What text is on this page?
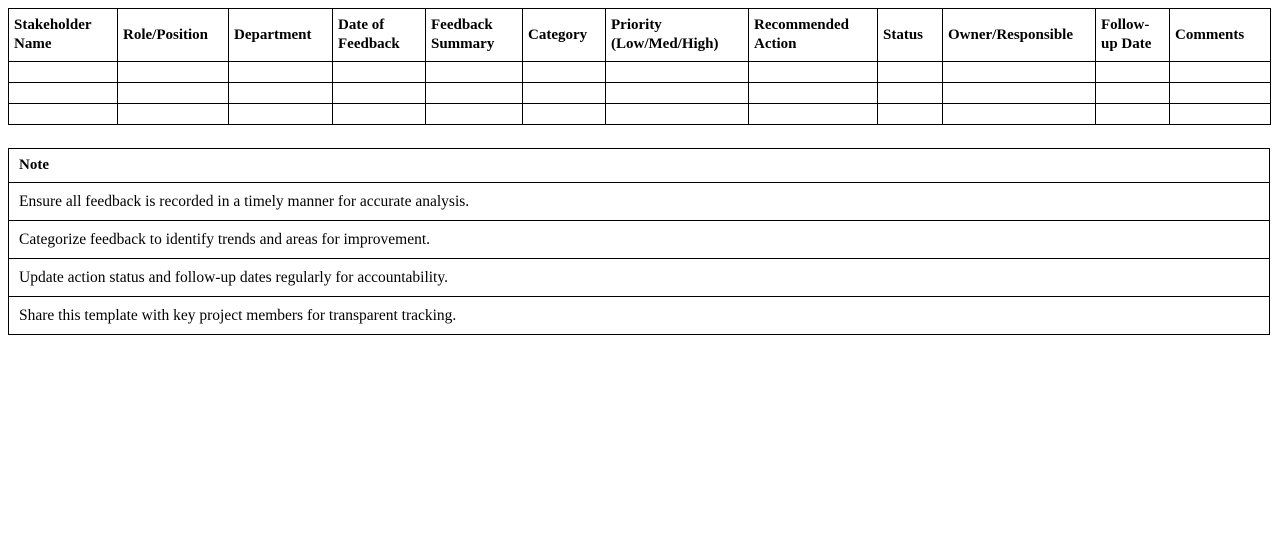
Stakeholder Name	Role/Position	Department	Date of Feedback	Feedback Summary	Category	Priority (Low/Med/High)	Recommended Action	Status	Owner/Responsible	Follow-up Date	Comments

Note
Ensure all feedback is recorded in a timely manner for accurate analysis.
Categorize feedback to identify trends and areas for improvement.
Update action status and follow-up dates regularly for accountability.
Share this template with key project members for transparent tracking.
